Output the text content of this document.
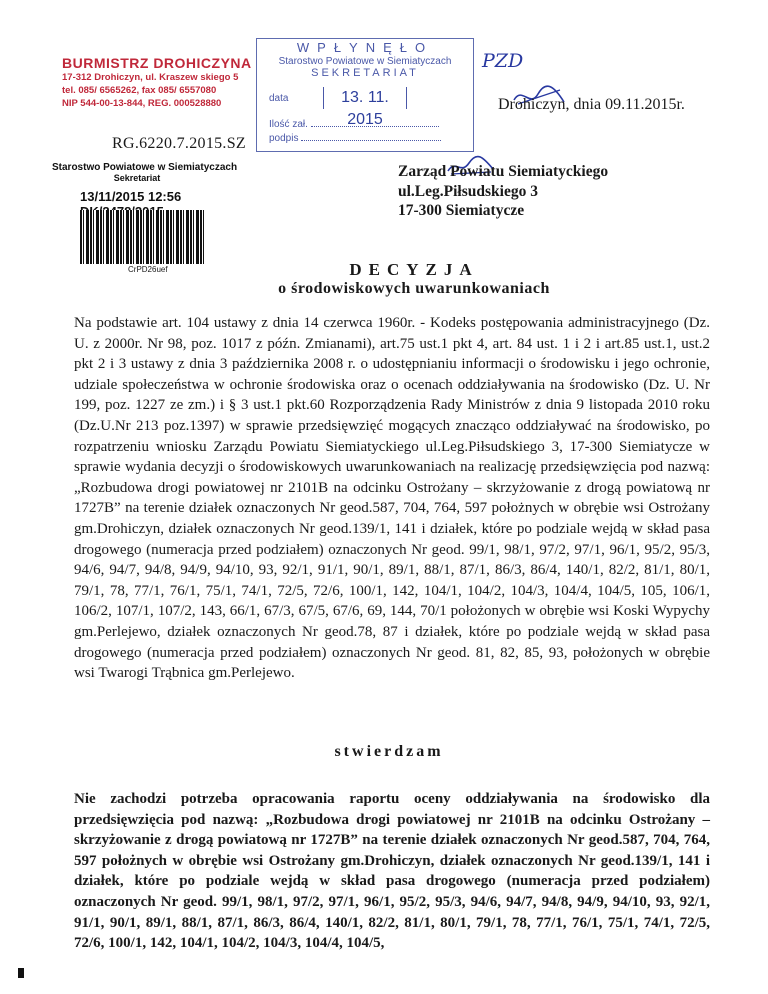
BURMISTRZ DROHICZYNA
17-312 Drohiczyn, ul. Kraszew skiego 5
tel. 085/ 6565262, fax 085/ 6557080
NIP 544-00-13-844, REG. 000528880
RG.6220.7.2015.SZ
Starostwo Powiatowe w Siemiatyczach
Sekretariat
13/11/2015 12:56
CrPD26uef
WPŁYNĘŁO
Starostwo Powiatowe w Siemiatyczach
SEKRETARIAT
data	13. 11. 2015
Ilość zał.
podpis
PZD
Drohiczyn, dnia 09.11.2015r.
Zarząd Powiatu Siemiatyckiego
ul.Leg.Piłsudskiego 3
17-300 Siemiatycze
DECYZJA
o środowiskowych uwarunkowaniach
Na podstawie art. 104 ustawy z dnia 14 czerwca 1960r. - Kodeks postępowania administracyjnego (Dz. U. z 2000r. Nr 98, poz. 1017 z późn. Zmianami), art.75 ust.1 pkt 4, art. 84 ust. 1 i 2 i art.85 ust.1, ust.2 pkt 2 i 3 ustawy z dnia 3 października 2008 r. o udostępnianiu informacji o środowisku i jego ochronie, udziale społeczeństwa w ochronie środowiska oraz o ocenach oddziaływania na środowisko (Dz. U. Nr 199, poz. 1227 ze zm.) i § 3 ust.1 pkt.60 Rozporządzenia Rady Ministrów z dnia 9 listopada 2010 roku (Dz.U.Nr 213 poz.1397) w sprawie przedsięwzięć mogących znacząco oddziaływać na środowisko, po rozpatrzeniu wniosku Zarządu Powiatu Siemiatyckiego ul.Leg.Piłsudskiego 3, 17-300 Siemiatycze w sprawie wydania decyzji o środowiskowych uwarunkowaniach na realizację przedsięwzięcia pod nazwą: „Rozbudowa drogi powiatowej nr 2101B na odcinku Ostrożany – skrzyżowanie z drogą powiatową nr 1727B” na terenie działek oznaczonych Nr geod.587, 704, 764, 597 położnych w obrębie wsi Ostrożany gm.Drohiczyn, działek oznaczonych Nr geod.139/1, 141 i działek, które po podziale wejdą w skład pasa drogowego (numeracja przed podziałem) oznaczonych Nr geod. 99/1, 98/1, 97/2, 97/1, 96/1, 95/2, 95/3, 94/6, 94/7, 94/8, 94/9, 94/10, 93, 92/1, 91/1, 90/1, 89/1, 88/1, 87/1, 86/3, 86/4, 140/1, 82/2, 81/1, 80/1, 79/1, 78, 77/1, 76/1, 75/1, 74/1, 72/5, 72/6, 100/1, 142, 104/1, 104/2, 104/3, 104/4, 104/5, 105, 106/1, 106/2, 107/1, 107/2, 143, 66/1, 67/3, 67/5, 67/6, 69, 144, 70/1 położonych w obrębie wsi Koski Wypychy gm.Perlejewo, działek oznaczonych Nr geod.78, 87 i działek, które po podziale wejdą w skład pasa drogowego (numeracja przed podziałem) oznaczonych Nr geod. 81, 82, 85, 93, położonych w obrębie wsi Twarogi Trąbnica gm.Perlejewo.
stwierdzam
Nie zachodzi potrzeba opracowania raportu oceny oddziaływania na środowisko dla przedsięwzięcia pod nazwą: „Rozbudowa drogi powiatowej nr 2101B na odcinku Ostrożany – skrzyżowanie z drogą powiatową nr 1727B” na terenie działek oznaczonych Nr geod.587, 704, 764, 597 położnych w obrębie wsi Ostrożany gm.Drohiczyn, działek oznaczonych Nr geod.139/1, 141 i działek, które po podziale wejdą w skład pasa drogowego (numeracja przed podziałem) oznaczonych Nr geod. 99/1, 98/1, 97/2, 97/1, 96/1, 95/2, 95/3, 94/6, 94/7, 94/8, 94/9, 94/10, 93, 92/1, 91/1, 90/1, 89/1, 88/1, 87/1, 86/3, 86/4, 140/1, 82/2, 81/1, 80/1, 79/1, 78, 77/1, 76/1, 75/1, 74/1, 72/5, 72/6, 100/1, 142, 104/1, 104/2, 104/3, 104/4, 104/5,
